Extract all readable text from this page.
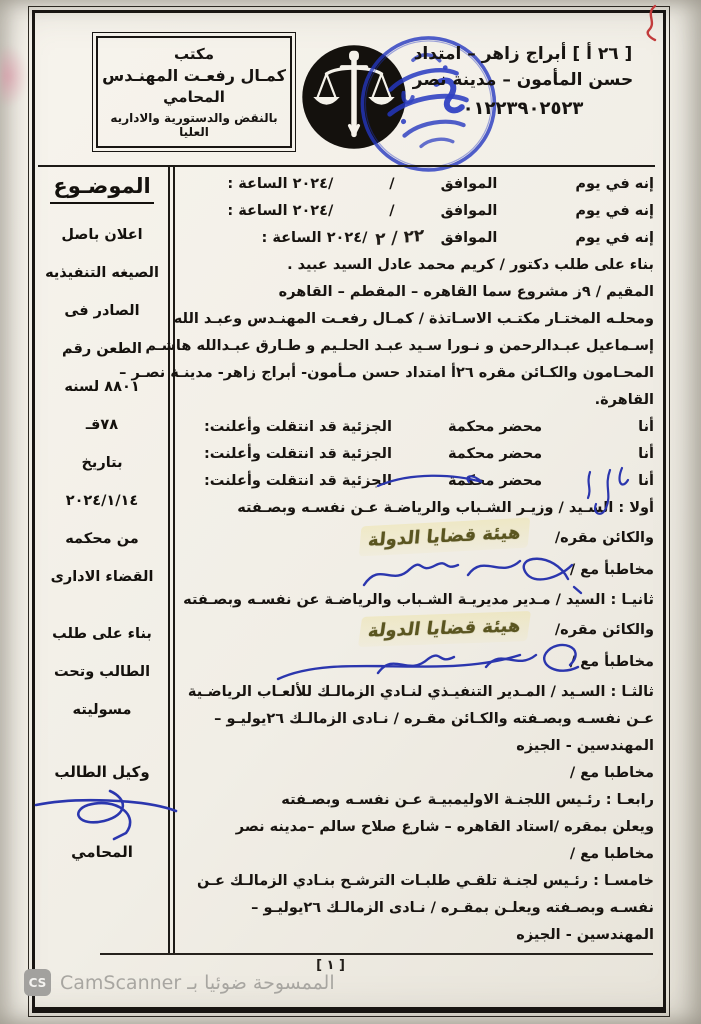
مكتب
كمـال رفعـت المهنـدس
المحامي
بالنقض والدستورية والاداريه العليا
[ ٢٦ أ ] أبراج زاهر – امتداد
حسن المأمون – مدينة نصر
٠١٢٢٣٩٠٢٥٢٣
الموضـوع
اعلان باصل
الصيغه التنفيذيه
الصادر فى
الطعن رقم
٨٨٠١ لسنه
٧٨قـ
بتاريخ
٢٠٢٤/١/١٤
من محكمه
القضاء الادارى
بناء على طلب
الطالب وتحت
مسوليته
وكيل الطالب
المحامي
إنه في يوم
الموافق
/
/٢٠٢٤ الساعة :
إنه في يوم
الموافق
/
/٢٠٢٤ الساعة :
إنه في يوم
الموافق
٢٢ / ٢
/٢٠٢٤ الساعة :
بناء على طلب دكتور / كريم محمد عادل السيد عبيد .
المقيم / ٩ز مشروع سما القاهره – المقطم – القاهره
ومحلـه المختـار مكتـب الاسـاتذة / كمـال رفعـت المهنـدس وعبـد الله
إسـماعيل عبـدالرحمن و نـورا سـيد عبـد الحلـيم و طـارق عبـدالله هاشـم
المحـامون والكـائن مقره ٢٦أ امتداد حسن مـأمون- أبراج زاهر- مدينـة نصـر –
القاهرة.
أنا
محضر محكمة
الجزئية قد انتقلت وأعلنت:
أنا
محضر محكمة
الجزئية قد انتقلت وأعلنت:
أنا
محضر محكمة
الجزئية قد انتقلت وأعلنت:
أولا : السـيد / وزيـر الشـباب والرياضـة عـن نفسـه وبصـفته
والكائن مقره/
هيئة قضايا الدولة
مخاطبأ مع /
ثانيـا : السيد / مـدير مديريـة الشـباب والرياضـة عن نفسـه وبصـفته
والكائن مقره/
هيئة قضايا الدولة
مخاطبأ مع /
ثالثـا : السـيد / المـدير التنفيـذي لنـادي الزمالـك للألعـاب الرياضـية
عـن نفسـه وبصـفته والكـائن مقـره / نـادى الزمالـك ٢٦يوليـو –
المهندسين - الجيزه
مخاطبا مع /
رابعـا : رئـيس اللجنـة الاوليمبيـة عـن نفسـه وبصـفته
ويعلن بمقره /استاد القاهره – شارع صلاح سالم –مدينه نصر
مخاطبا مع /
خامسـا : رئـيس لجنـة تلقـي طلبـات الترشـح بنـادي الزمالـك عـن
نفسـه وبصـفته ويعلـن بمقـره / نـادى الزمالـك ٢٦يوليـو –
المهندسين - الجيزه
[ ١ ]
CS الممسوحة ضوئيا بـ CamScanner
